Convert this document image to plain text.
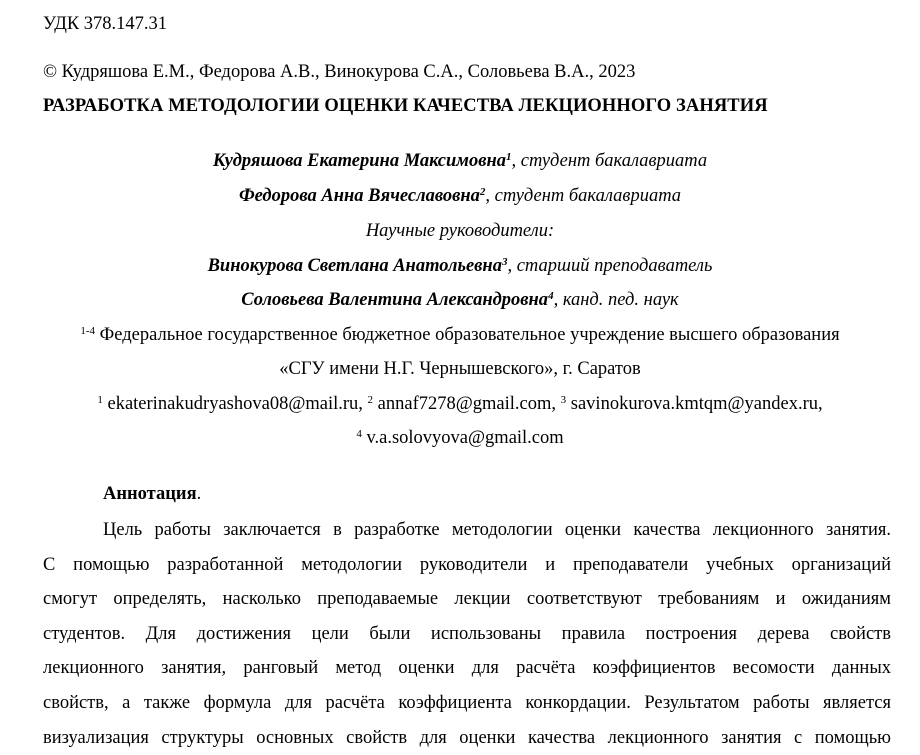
УДК 378.147.31
© Кудряшова Е.М., Федорова А.В., Винокурова С.А., Соловьева В.А., 2023
РАЗРАБОТКА МЕТОДОЛОГИИ ОЦЕНКИ КАЧЕСТВА ЛЕКЦИОННОГО ЗАНЯТИЯ
Кудряшова Екатерина Максимовна$^1$, студент бакалавриата
Федорова Анна Вячеславовна$^2$, студент бакалавриата
Научные руководители:
Винокурова Светлана Анатольевна$^3$, старший преподаватель
Соловьева Валентина Александровна$^4$, канд. пед. наук
$^{1-4}$ Федеральное государственное бюджетное образовательное учреждение высшего образования
«СГУ имени Н.Г. Чернышевского», г. Саратов
$^1$ ekaterinakudryashova08@mail.ru, $^2$ annaf7278@gmail.com, $^3$ savinokurova.kmtqm@yandex.ru,
$^4$ v.a.solovyova@gmail.com
Аннотация.
Цель работы заключается в разработке методологии оценки качества лекционного занятия.
С помощью разработанной методологии руководители и преподаватели учебных организаций
смогут определять, насколько преподаваемые лекции соответствуют требованиям и ожиданиям
студентов. Для достижения цели были использованы правила построения дерева свойств
лекционного занятия, ранговый метод оценки для расчёта коэффициентов весомости данных
свойств, а также формула для расчёта коэффициента конкордации. Результатом работы является
визуализация структуры основных свойств для оценки качества лекционного занятия с помощью
